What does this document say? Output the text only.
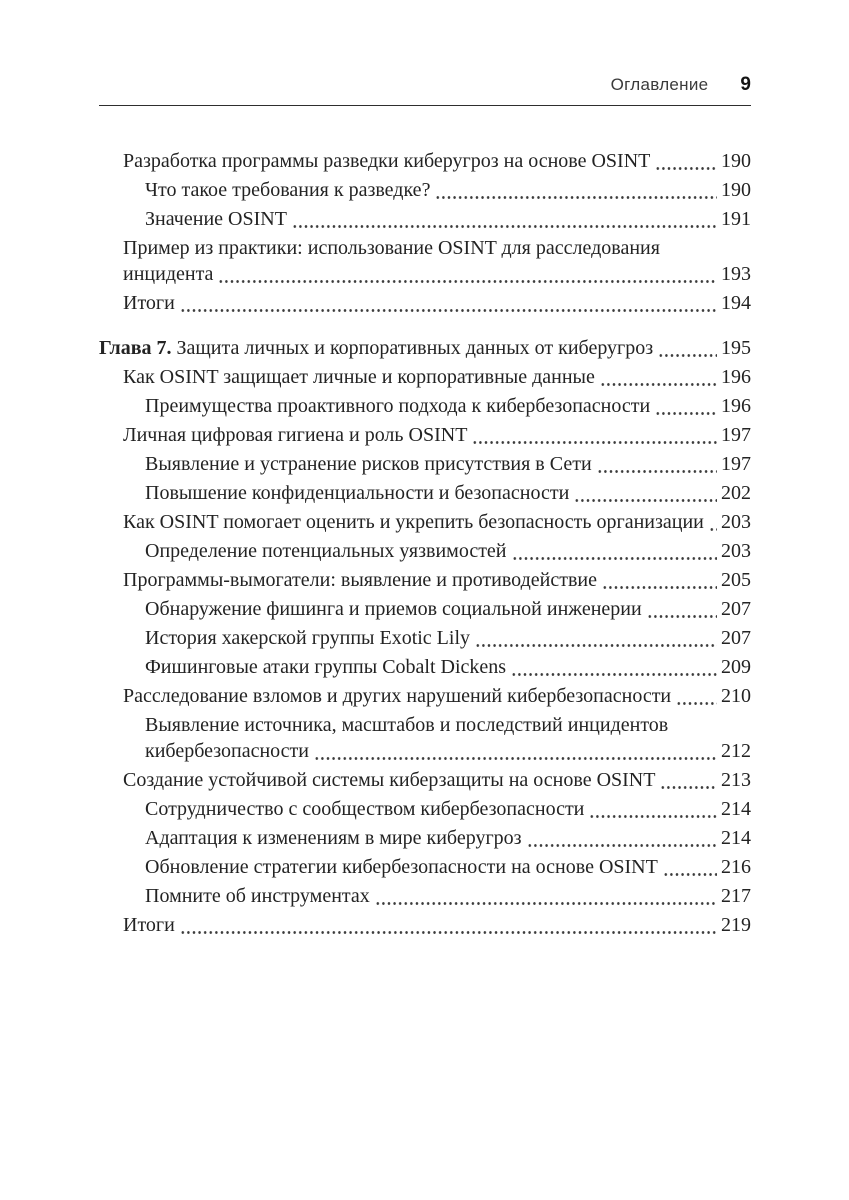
Оглавление 9
Разработка программы разведки киберугроз на основе OSINT	190
Что такое требования к разведке?	190
Значение OSINT	191
Пример из практики: использование OSINT для расследования
инцидента	193
Итоги	194
Глава 7. Защита личных и корпоративных данных от киберугроз	195
Как OSINT защищает личные и корпоративные данные	196
Преимущества проактивного подхода к кибербезопасности	196
Личная цифровая гигиена и роль OSINT	197
Выявление и устранение рисков присутствия в Сети	197
Повышение конфиденциальности и безопасности	202
Как OSINT помогает оценить и укрепить безопасность организации 203
Определение потенциальных уязвимостей	203
Программы-вымогатели: выявление и противодействие	205
Обнаружение фишинга и приемов социальной инженерии	207
История хакерской группы Exotic Lily	207
Фишинговые атаки группы Cobalt Dickens	209
Расследование взломов и других нарушений кибербезопасности 210
Выявление источника, масштабов и последствий инцидентов
кибербезопасности	212
Создание устойчивой системы киберзащиты на основе OSINT	213
Сотрудничество с сообществом кибербезопасности	214
Адаптация к изменениям в мире киберугроз	214
Обновление стратегии кибербезопасности на основе OSINT	216
Помните об инструментах	217
Итоги	219
